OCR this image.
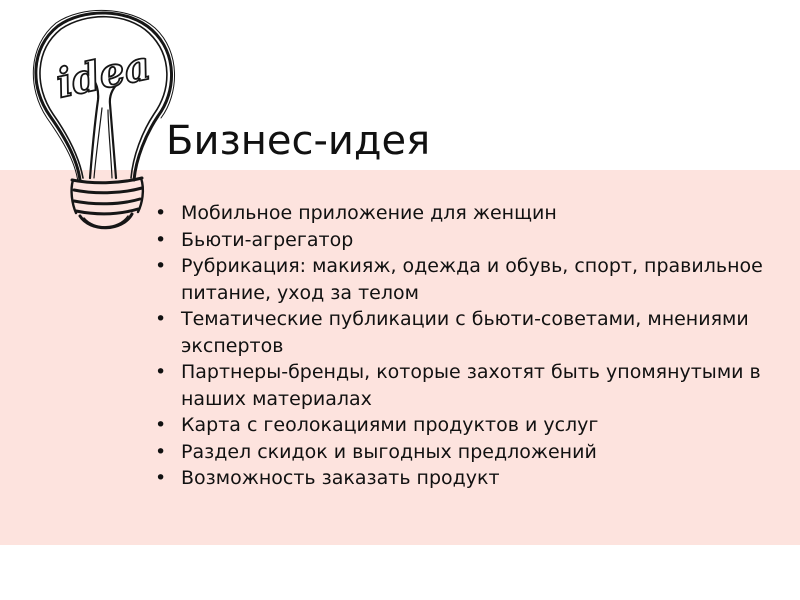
idea
Бизнес-идея
• Мобильное приложение для женщин
• Бьюти-агрегатор
• Рубрикация: макияж, одежда и обувь, спорт, правильное питание, уход за телом
• Тематические публикации с бьюти-советами, мнениями экспертов
• Партнеры-бренды, которые захотят быть упомянутыми в наших материалах
• Карта с геолокациями продуктов и услуг
• Раздел скидок и выгодных предложений
• Возможность заказать продукт
